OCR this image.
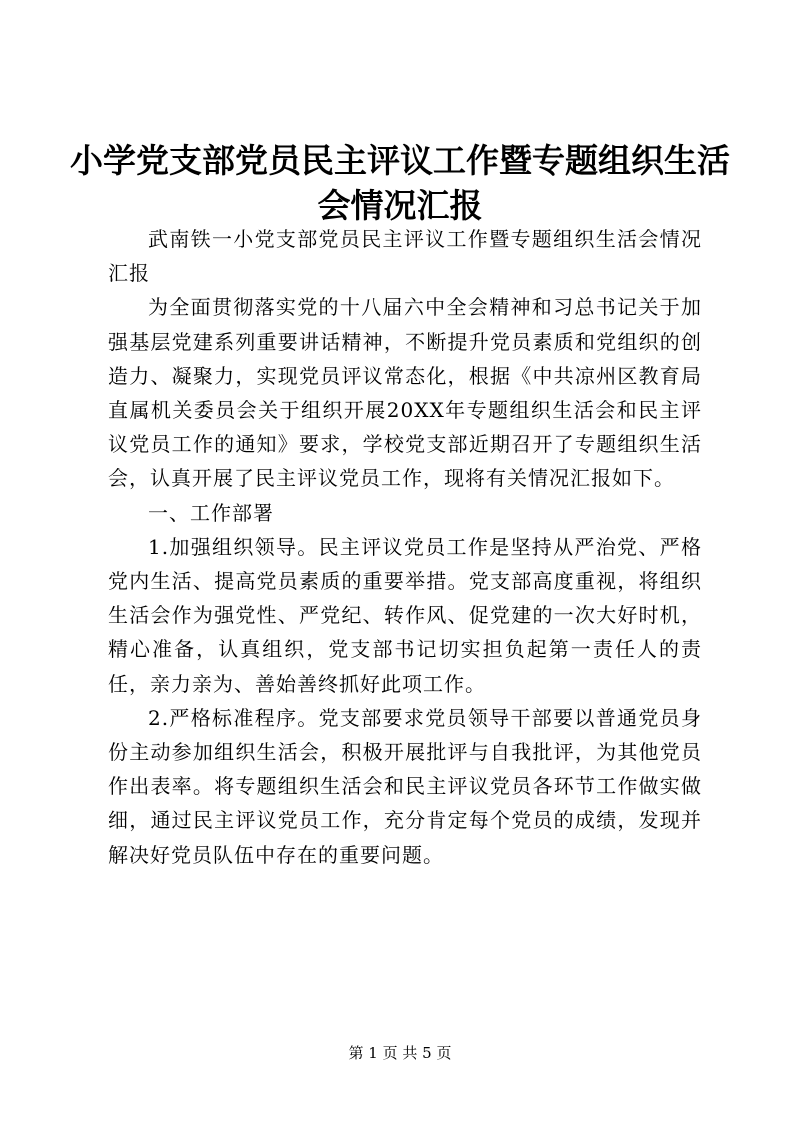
小学党支部党员民主评议工作暨专题组织生活
会情况汇报

武南铁一小党支部党员民主评议工作暨专题组织生活会情况汇报

为全面贯彻落实党的十八届六中全会精神和习总书记关于加强基层党建系列重要讲话精神，不断提升党员素质和党组织的创造力、凝聚力，实现党员评议常态化，根据《中共凉州区教育局直属机关委员会关于组织开展20XX年专题组织生活会和民主评议党员工作的通知》要求，学校党支部近期召开了专题组织生活会，认真开展了民主评议党员工作，现将有关情况汇报如下。

一、工作部署

1.加强组织领导。民主评议党员工作是坚持从严治党、严格党内生活、提高党员素质的重要举措。党支部高度重视，将组织生活会作为强党性、严党纪、转作风、促党建的一次大好时机，精心准备，认真组织，党支部书记切实担负起第一责任人的责任，亲力亲为、善始善终抓好此项工作。

2.严格标准程序。党支部要求党员领导干部要以普通党员身份主动参加组织生活会，积极开展批评与自我批评，为其他党员作出表率。将专题组织生活会和民主评议党员各环节工作做实做细，通过民主评议党员工作，充分肯定每个党员的成绩，发现并解决好党员队伍中存在的重要问题。

第 1 页 共 5 页
